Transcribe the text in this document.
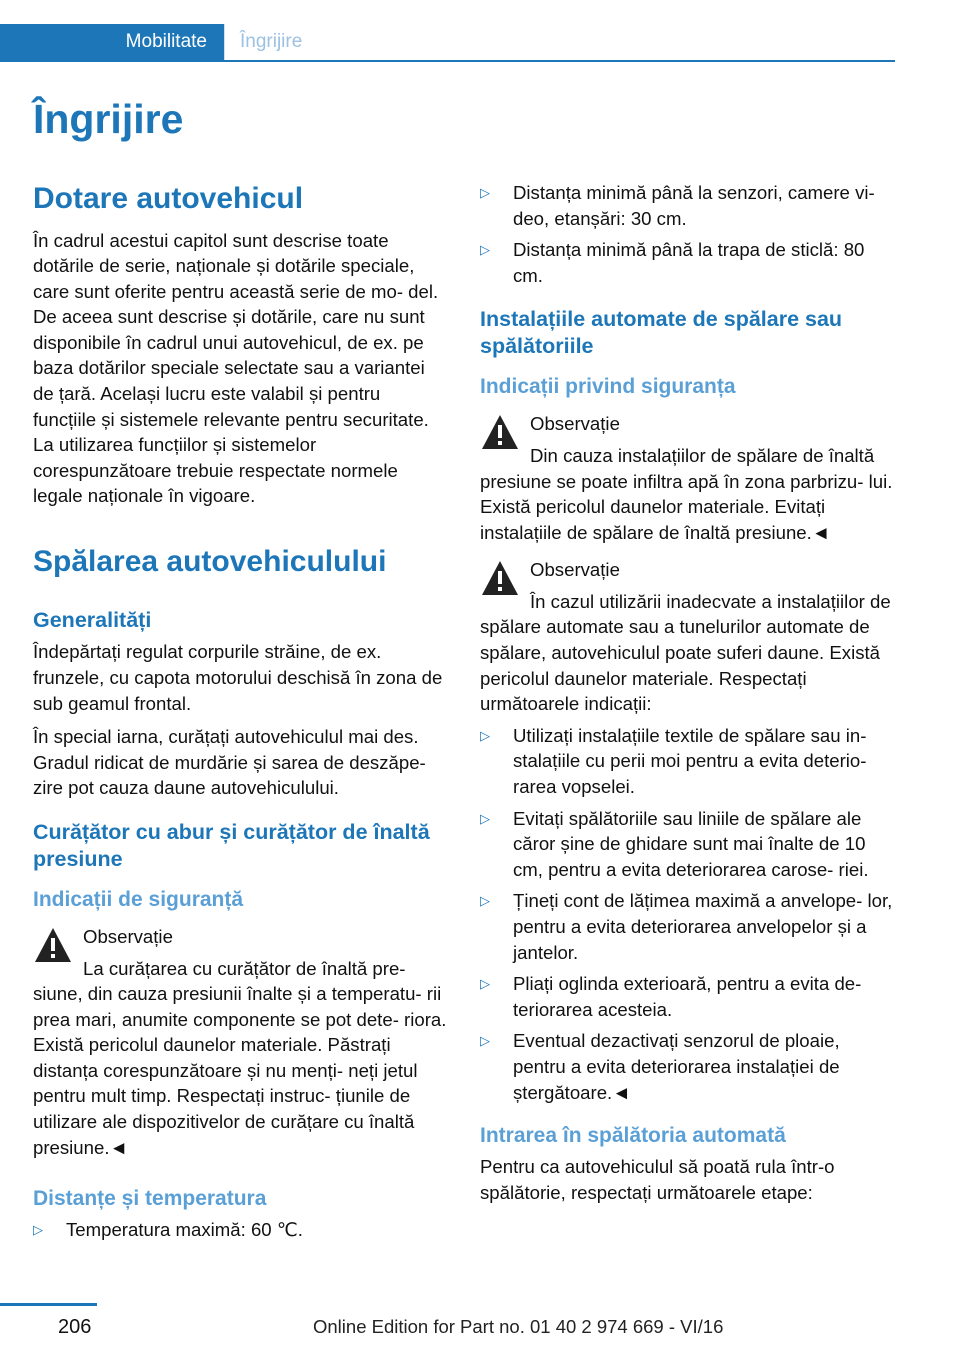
Mobilitate	Îngrijire
Îngrijire
Dotare autovehicul

În cadrul acestui capitol sunt descrise toate dotările de serie, naționale și dotările speciale, care sunt oferite pentru această serie de mo‐ del. De aceea sunt descrise și dotările, care nu sunt disponibile în cadrul unui autovehicul, de ex. pe baza dotărilor speciale selectate sau a variantei de țară. Același lucru este valabil și pentru funcțiile și sistemele relevante pentru securitate. La utilizarea funcțiilor și sistemelor corespunzătoare trebuie respectate normele legale naționale în vigoare.

Spălarea autovehiculului
Generalități

Îndepărtați regulat corpurile străine, de ex. frunzele, cu capota motorului deschisă în zona de sub geamul frontal.

În special iarna, curățați autovehiculul mai des. Gradul ridicat de murdărie și sarea de deszăpe‐ zire pot cauza daune autovehiculului.

Curățător cu abur și curățător de înaltă presiune
Indicații de siguranță
Observație
La curățarea cu curățător de înaltă pre‐ siune, din cauza presiunii înalte și a temperatu‐ rii prea mari, anumite componente se pot dete‐ riora. Există pericolul daunelor materiale. Păstrați distanța corespunzătoare și nu menți‐ neți jetul pentru mult timp. Respectați instruc‐ țiunile de utilizare ale dispozitivelor de curățare cu înaltă presiune.◄
Distanțe și temperatura
▷ Temperatura maximă: 60 ℃.
▷ Distanța minimă până la senzori, camere vi‐ deo, etanșări: 30 cm.
▷ Distanța minimă până la trapa de sticlă: 80 cm.
Instalațiile automate de spălare sau spălătoriile
Indicații privind siguranța
Observație
Din cauza instalațiilor de spălare de înaltă presiune se poate infiltra apă în zona parbrizu‐ lui. Există pericolul daunelor materiale. Evitați instalațiile de spălare de înaltă presiune.◄
Observație
În cazul utilizării inadecvate a instalațiilor de spălare automate sau a tunelurilor automate de spălare, autovehiculul poate suferi daune. Există pericolul daunelor materiale. Respectați următoarele indicații:
▷ Utilizați instalațiile textile de spălare sau in‐ stalațiile cu perii moi pentru a evita deterio‐ rarea vopselei.
▷ Evitați spălătoriile sau liniile de spălare ale căror șine de ghidare sunt mai înalte de 10 cm, pentru a evita deteriorarea carose‐ riei.
▷ Țineți cont de lățimea maximă a anvelope‐ lor, pentru a evita deteriorarea anvelopelor și a jantelor.
▷ Pliați oglinda exterioară, pentru a evita de‐ teriorarea acesteia.
▷ Eventual dezactivați senzorul de ploaie, pentru a evita deteriorarea instalației de ștergătoare.◄
Intrarea în spălătoria automată

Pentru ca autovehiculul să poată rula într-o spălătorie, respectați următoarele etape:

206	Online Edition for Part no. 01 40 2 974 669 - VI/16
